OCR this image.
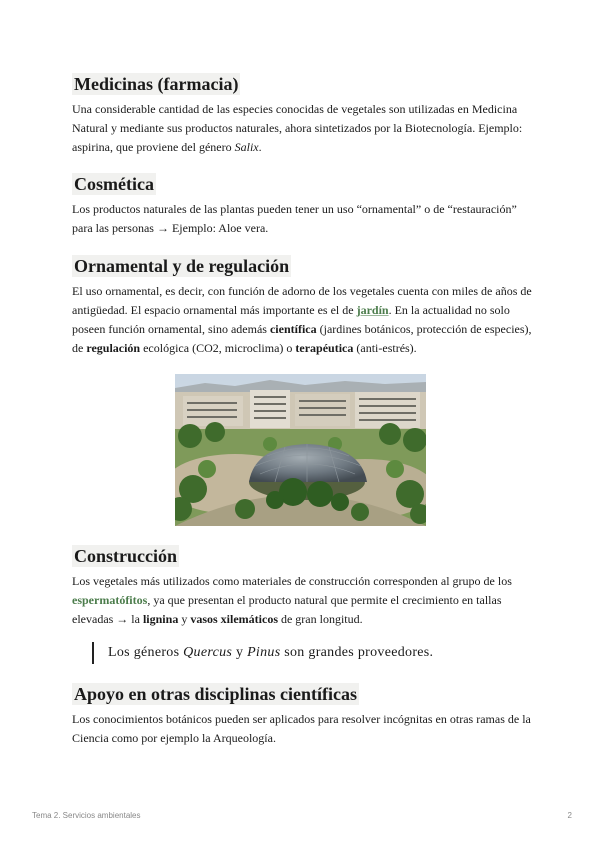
Medicinas (farmacia)

Una considerable cantidad de las especies conocidas de vegetales son utilizadas en Medicina Natural y mediante sus productos naturales, ahora sintetizados por la Biotecnología. Ejemplo: aspirina, que proviene del género Salix.

Cosmética

Los productos naturales de las plantas pueden tener un uso “ornamental” o de “restauración” para las personas → Ejemplo: Aloe vera.

Ornamental y de regulación

El uso ornamental, es decir, con función de adorno de los vegetales cuenta con miles de años de antigüedad. El espacio ornamental más importante es el de jardín. En la actualidad no solo poseen función ornamental, sino además científica (jardines botánicos, protección de especies), de regulación ecológica (CO2, microclima) o terapéutica (anti-estrés).

Construcción

Los vegetales más utilizados como materiales de construcción corresponden al grupo de los espermatófitos, ya que presentan el producto natural que permite el crecimiento en tallas elevadas → la lignina y vasos xilemáticos de gran longitud.

Los géneros Quercus y Pinus son grandes proveedores.
Apoyo en otras disciplinas científicas

Los conocimientos botánicos pueden ser aplicados para resolver incógnitas en otras ramas de la Ciencia como por ejemplo la Arqueología.

Tema 2. Servicios ambientales	2
